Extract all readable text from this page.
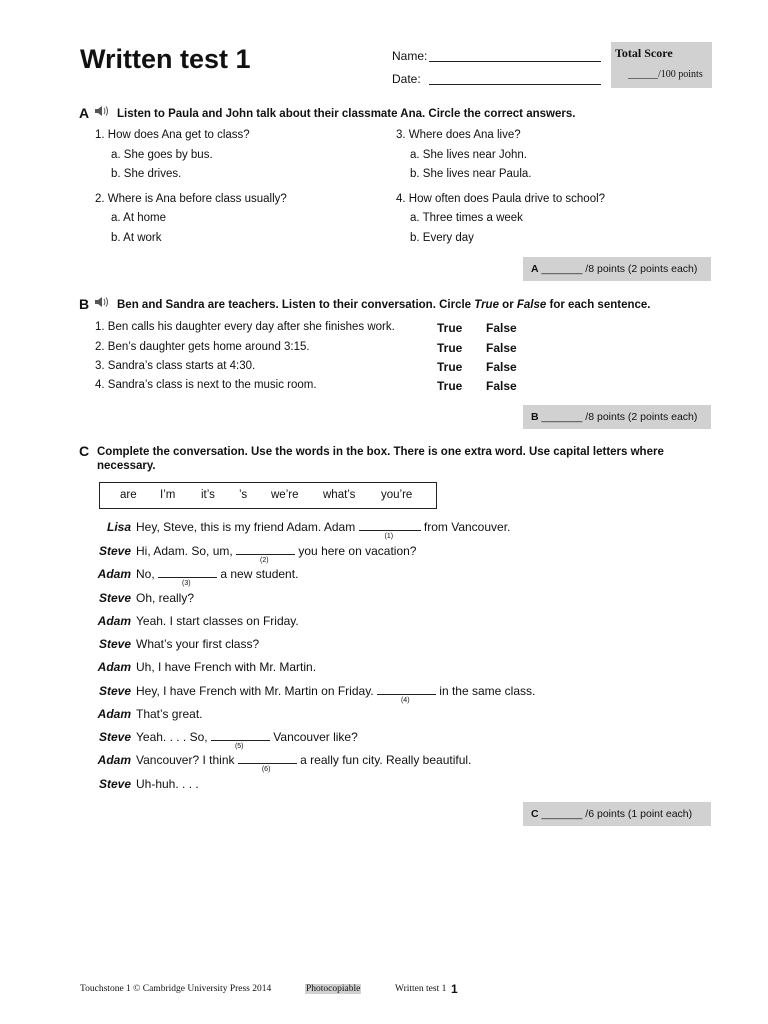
Written test 1	Name:
Date:
Total Score
______/100 points
A Listen to Paula and John talk about their classmate Ana. Circle the correct answers.
1. How does Ana get to class?
a. She goes by bus.
b. She drives.
2. Where is Ana before class usually?
a. At home
b. At work
3. Where does Ana live?
a. She lives near John.
b. She lives near Paula.
4. How often does Paula drive to school?
a. Three times a week
b. Every day
A _______ /8 points (2 points each)
B Ben and Sandra are teachers. Listen to their conversation. Circle True or False for each sentence.
1. Ben calls his daughter every day after she finishes work.	True False
2. Ben’s daughter gets home around 3:15.	True False
3. Sandra’s class starts at 4:30.	True False
4. Sandra’s class is next to the music room.	True False
B _______ /8 points (2 points each)
C Complete the conversation. Use the words in the box. There is one extra word. Use capital letters where necessary.
are I’m it’s ’s we’re what’s you’re
Lisa Hey, Steve, this is my friend Adam. Adam
(1)
from Vancouver.
Steve Hi, Adam. So, um,
(2)
you here on vacation?
Adam No,
(3)
a new student.
Steve Oh, really?
Adam Yeah. I start classes on Friday.
Steve What’s your first class?
Adam Uh, I have French with Mr. Martin.
Steve Hey, I have French with Mr. Martin on Friday.
(4)
in the same class.
Adam That’s great.
Steve Yeah. . . . So,
(5)
Vancouver like?
Adam Vancouver? I think
(6)
a really fun city. Really beautiful.
Steve Uh-huh. . . .
C _______ /6 points (1 point each)
Touchstone 1 © Cambridge University Press 2014	Photocopiable	Written test 1 1
